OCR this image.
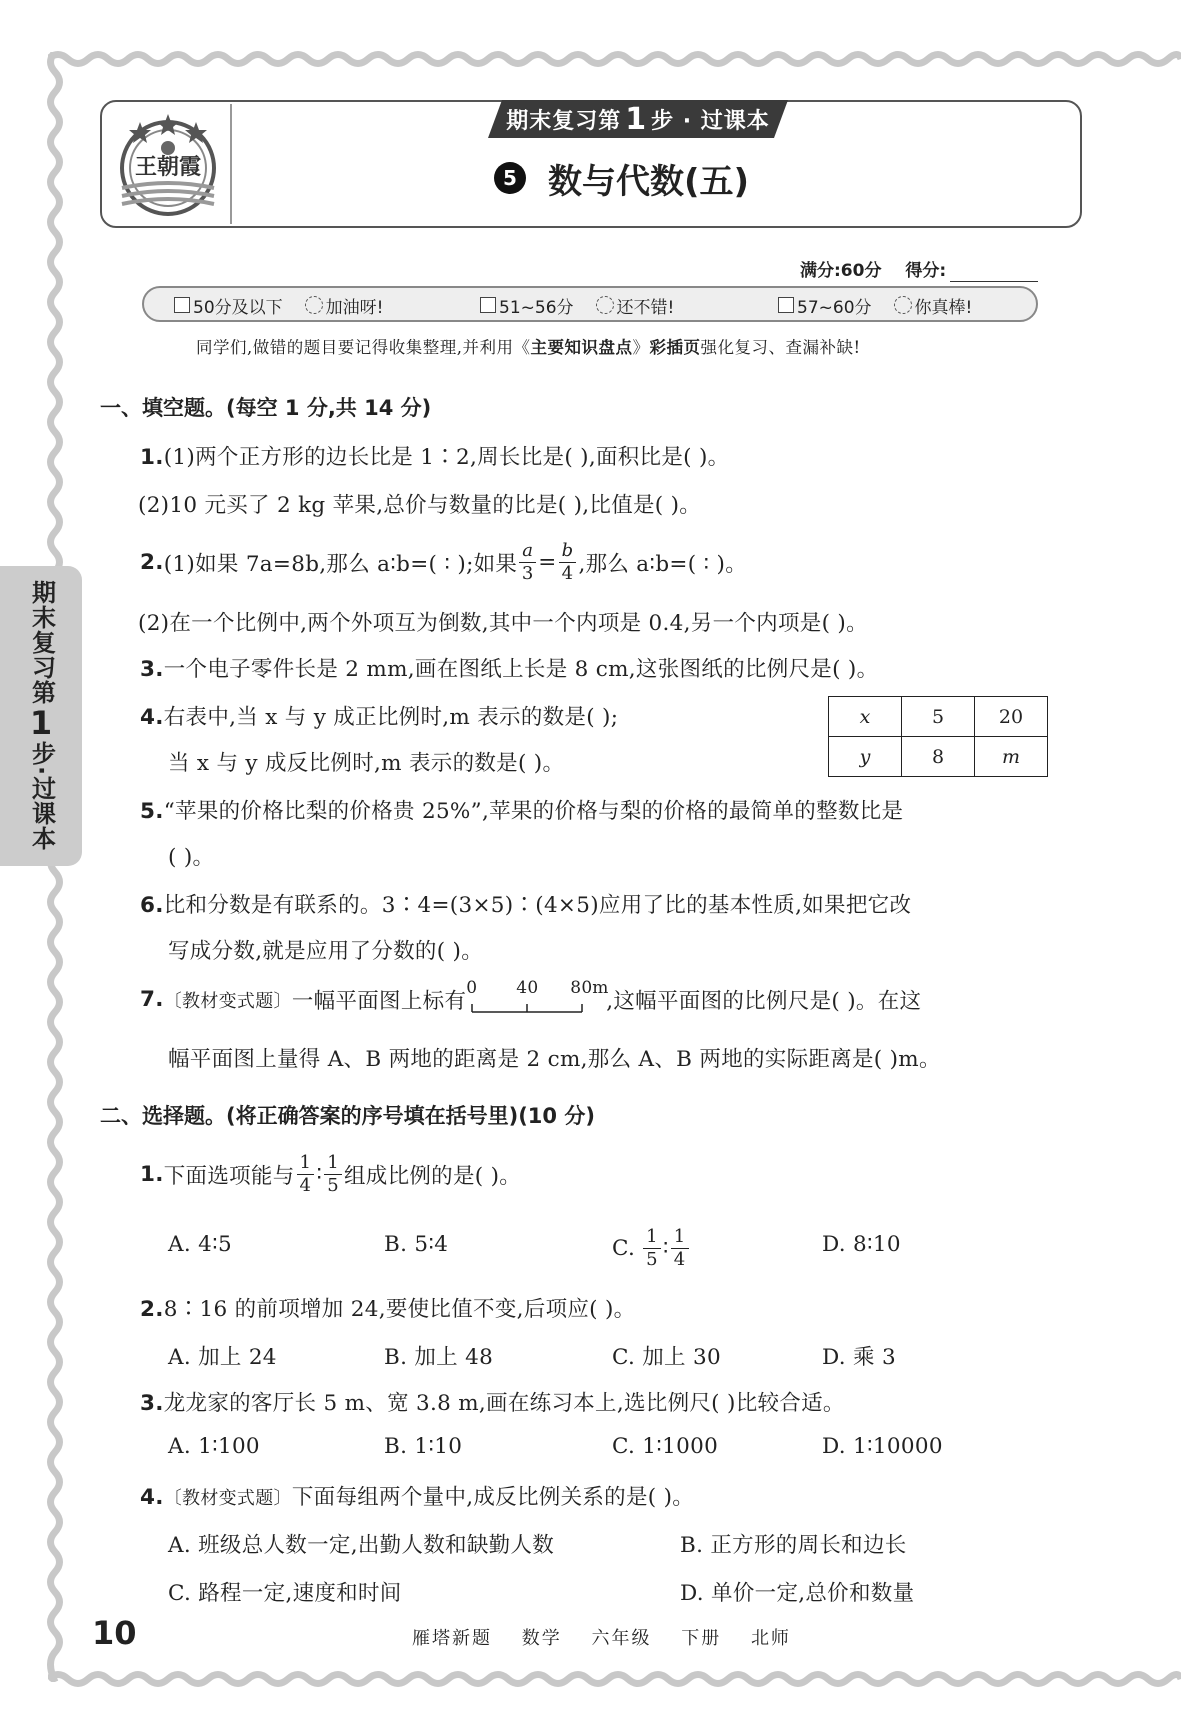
王朝霞
期末复习第 1 步 · 过课本
5 数与代数(五)
满分:60分 得分:
50分及以下	加油呀!	51~56分	还不错!	57~60分	你真棒!
同学们,做错的题目要记得收集整理,并利用《主要知识盘点》彩插页强化复习、查漏补缺!
期末复习第
1
步·过课本
一、填空题。(每空 1 分,共 14 分)
1.(1)两个正方形的边长比是 1∶2,周长比是( ),面积比是( )。
(2)10 元买了 2 kg 苹果,总价与数量的比是( ),比值是( )。
2. (1)如果 7a=8b,那么 a∶b=( ∶ );如果 $\frac{a}{3} = \frac{b}{4}$ ,那么 a∶b=( ∶ )。
(2)在一个比例中,两个外项互为倒数,其中一个内项是 0.4,另一个内项是( )。
3.一个电子零件长是 2 mm,画在图纸上长是 8 cm,这张图纸的比例尺是( )。
4.右表中,当 x 与 y 成正比例时,m 表示的数是( );
当 x 与 y 成反比例时,m 表示的数是( )。
x	5	20
y	8	m
5.“苹果的价格比梨的价格贵 25%”,苹果的价格与梨的价格的最简单的整数比是
( )。
6.比和分数是有联系的。3∶4=(3×5)∶(4×5)应用了比的基本性质,如果把它改
写成分数,就是应用了分数的( )。
7. 〔教材变式题〕 一幅平面图上标有
0 40 80 m
,这幅平面图的比例尺是( )。在这
幅平面图上量得 A、B 两地的距离是 2 cm,那么 A、B 两地的实际距离是( )m。
二、选择题。(将正确答案的序号填在括号里)(10 分)
1. 下面选项能与 $\frac{1}{4}$ ∶ $\frac{1}{5}$ 组成比例的是( )。
A. 4∶5	B. 5∶4	C. $\frac{1}{5}$ ∶ $\frac{1}{4}$	D. 8∶10
2.8∶16 的前项增加 24,要使比值不变,后项应( )。
A. 加上 24	B. 加上 48	C. 加上 30	D. 乘 3
3.龙龙家的客厅长 5 m、宽 3.8 m,画在练习本上,选比例尺( )比较合适。
A. 1∶100	B. 1∶10	C. 1∶1000	D. 1∶10000
4.〔教材变式题〕下面每组两个量中,成反比例关系的是( )。
A. 班级总人数一定,出勤人数和缺勤人数	B. 正方形的周长和边长
C. 路程一定,速度和时间	D. 单价一定,总价和数量
10	雁塔新题 数学 六年级 下册 北师
